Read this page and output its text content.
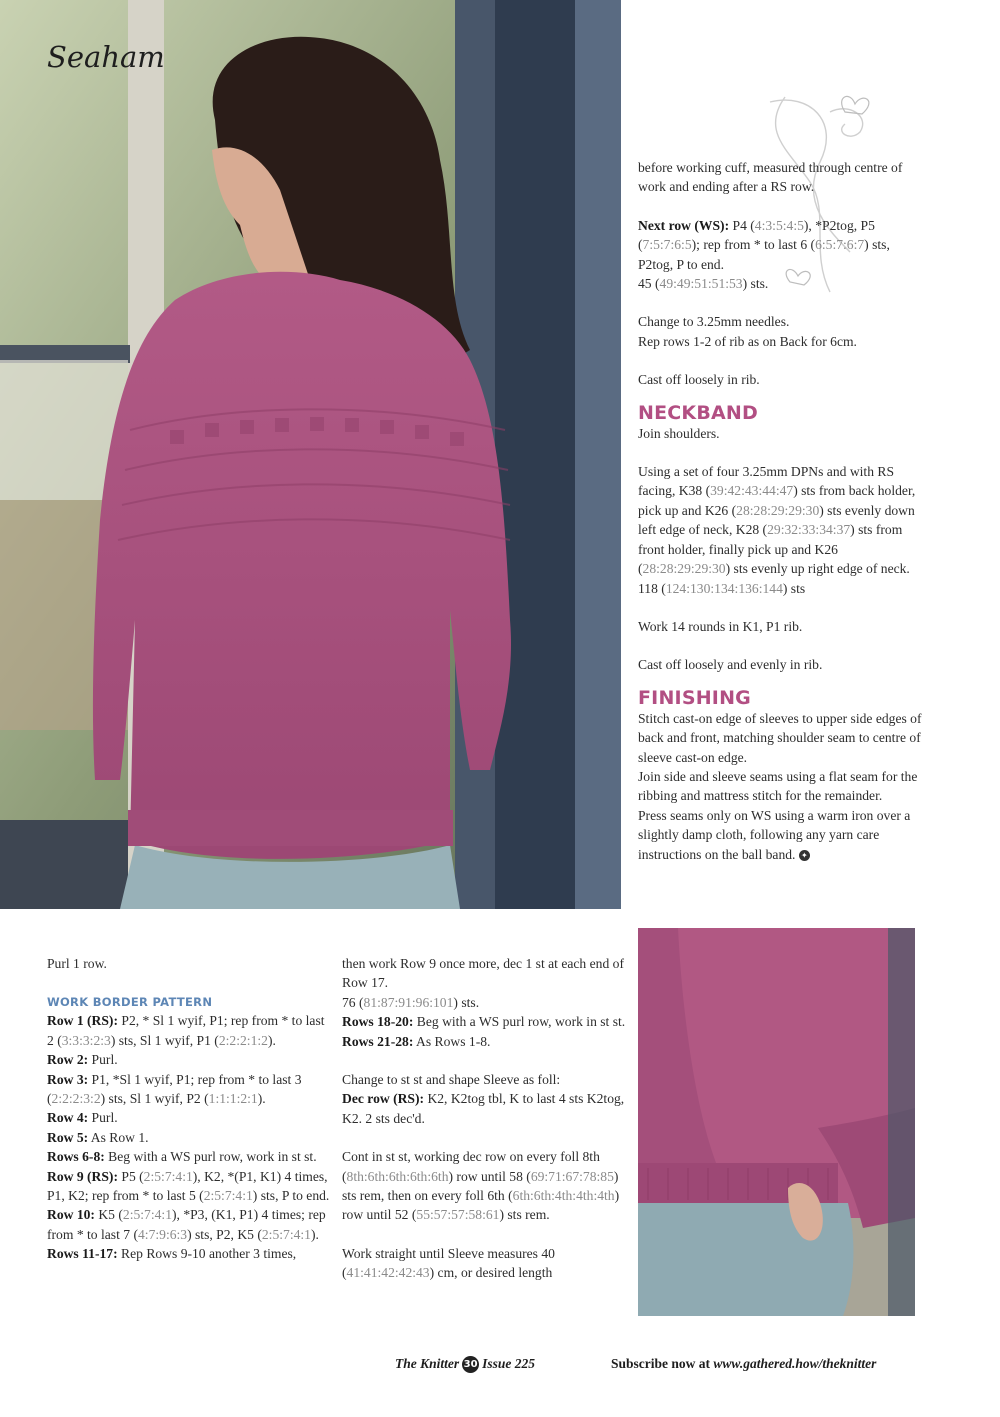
Seaham
The sleeves are knitted top-down, with a patterned band at the top

before working cuff, measured through centre of work and ending after a RS row.

Next row (WS): P4 (4:3:5:4:5), *P2tog, P5 (7:5:7:6:5); rep from * to last 6 (6:5:7:6:7) sts, P2tog, P to end.
45 (49:49:51:51:53) sts.

Change to 3.25mm needles.
Rep rows 1-2 of rib as on Back for 6cm.

Cast off loosely in rib.

NECKBAND

Join shoulders.

Using a set of four 3.25mm DPNs and with RS facing, K38 (39:42:43:44:47) sts from back holder, pick up and K26 (28:28:29:29:30) sts evenly down left edge of neck, K28 (29:32:33:34:37) sts from front holder, finally pick up and K26 (28:28:29:29:30) sts evenly up right edge of neck.
118 (124:130:134:136:144) sts

Work 14 rounds in K1, P1 rib.

Cast off loosely and evenly in rib.

FINISHING
Stitch cast-on edge of sleeves to upper side edges of back and front, matching shoulder seam to centre of sleeve cast-on edge.
Join side and sleeve seams using a flat seam for the ribbing and mattress stitch for the remainder.
Press seams only on WS using a warm iron over a slightly damp cloth, following any yarn care instructions on the ball band. ✦

Purl 1 row.

WORK BORDER PATTERN
Row 1 (RS): P2, * Sl 1 wyif, P1; rep from * to last 2 (3:3:3:2:3) sts, Sl 1 wyif, P1 (2:2:2:1:2).
Row 2: Purl.
Row 3: P1, *Sl 1 wyif, P1; rep from * to last 3 (2:2:2:3:2) sts, Sl 1 wyif, P2 (1:1:1:2:1).
Row 4: Purl.
Row 5: As Row 1.
Rows 6-8: Beg with a WS purl row, work in st st.
Row 9 (RS): P5 (2:5:7:4:1), K2, *(P1, K1) 4 times, P1, K2; rep from * to last 5 (2:5:7:4:1) sts, P to end.
Row 10: K5 (2:5:7:4:1), *P3, (K1, P1) 4 times; rep from * to last 7 (4:7:9:6:3) sts, P2, K5 (2:5:7:4:1).
Rows 11-17: Rep Rows 9-10 another 3 times,
then work Row 9 once more, dec 1 st at each end of Row 17.
76 (81:87:91:96:101) sts.
Rows 18-20: Beg with a WS purl row, work in st st.

Rows 21-28: As Rows 1-8.

Change to st st and shape Sleeve as foll:

Dec row (RS): K2, K2tog tbl, K to last 4 sts K2tog, K2. 2 sts dec'd.

Cont in st st, working dec row on every foll 8th (8th:6th:6th:6th:6th) row until 58 (69:71:67:78:85) sts rem, then on every foll 6th (6th:6th:4th:4th:4th) row until 52 (55:57:57:58:61) sts rem.

Work straight until Sleeve measures 40 (41:41:42:42:43) cm, or desired length
The Knitter 30 Issue 225	Subscribe now at www.gathered.how/theknitter
